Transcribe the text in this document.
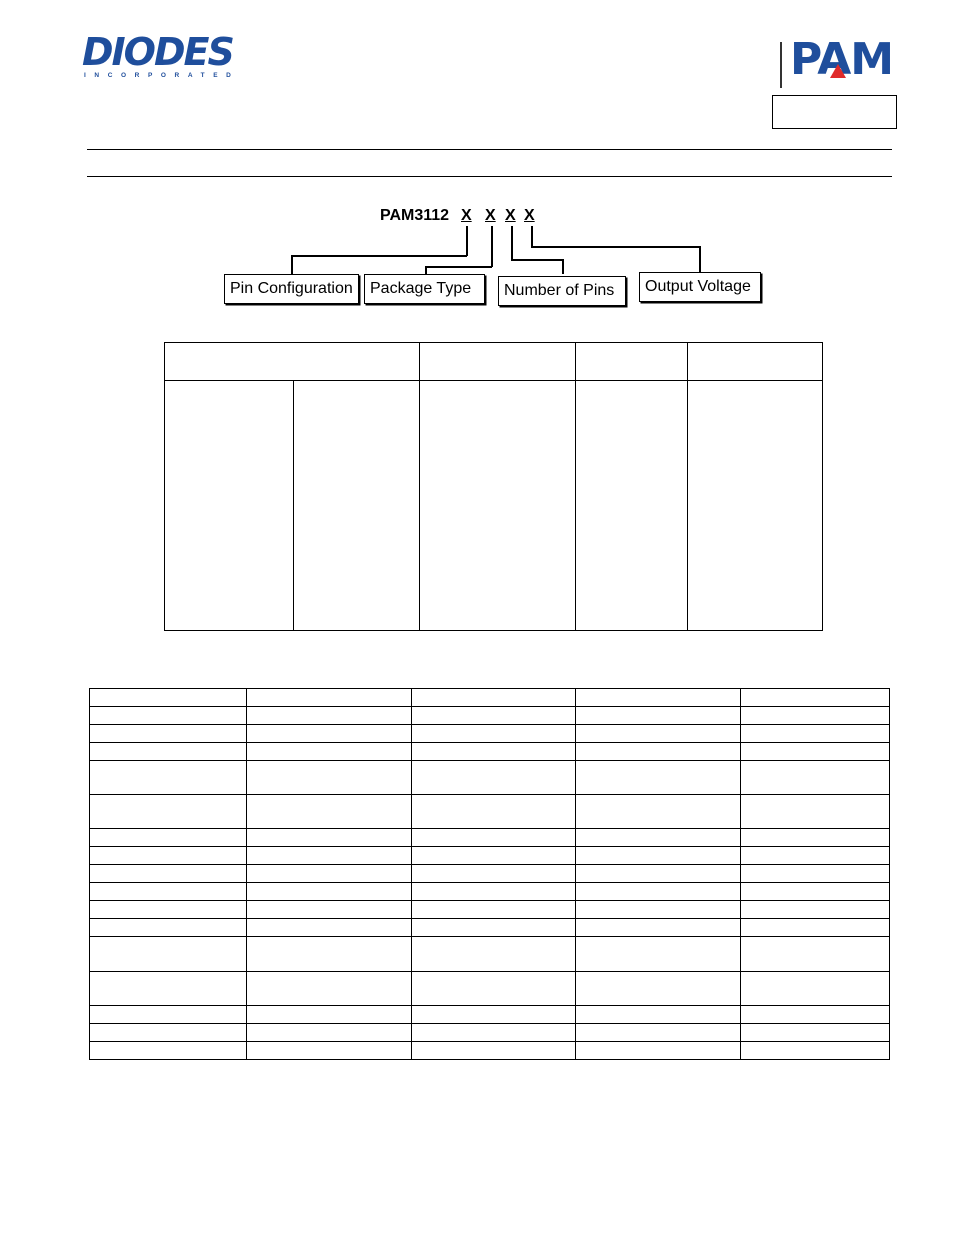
DIODES
INCORPORATED	PAM
PAM3112 X X X X
Pin Configuration	Package Type	Number of Pins	Output Voltage
